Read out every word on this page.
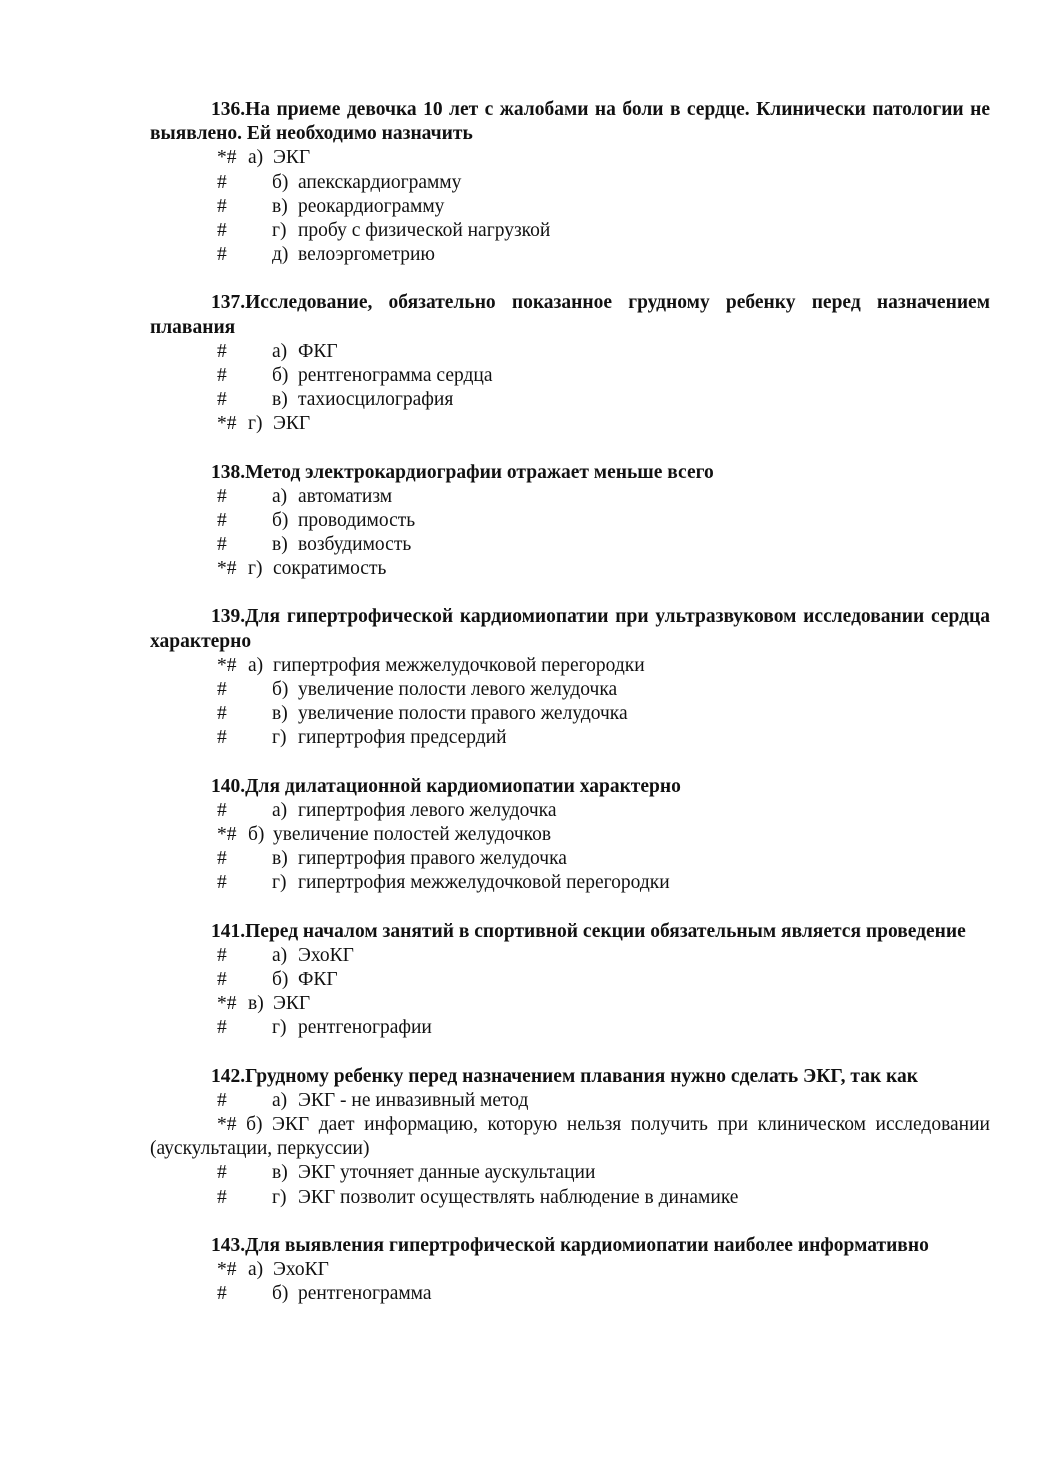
136.На приеме девочка 10 лет с жалобами на боли в сердце. Клинически патологии не выявлено. Ей необходимо назначить

*# а) ЭКГ
# б) апекскардиограмму
# в) реокардиограмму
# г) пробу с физической нагрузкой
# д) велоэргометрию

137.Исследование, обязательно показанное грудному ребенку перед назначением плавания

# а) ФКГ
# б) рентгенограмма сердца
# в) тахиосцилография
*# г) ЭКГ

138.Метод электрокардиографии отражает меньше всего

# а) автоматизм
# б) проводимость
# в) возбудимость
*# г) сократимость

139.Для гипертрофической кардиомиопатии при ультразвуковом исследовании сердца характерно

*# а) гипертрофия межжелудочковой перегородки
# б) увеличение полости левого желудочка
# в) увеличение полости правого желудочка
# г) гипертрофия предсердий

140.Для дилатационной кардиомиопатии характерно

# а) гипертрофия левого желудочка
*# б) увеличение полостей желудочков
# в) гипертрофия правого желудочка
# г) гипертрофия межжелудочковой перегородки

141.Перед началом занятий в спортивной секции обязательным является проведение

# а) ЭхоКГ
# б) ФКГ
*# в) ЭКГ
# г) рентгенографии

142.Грудному ребенку перед назначением плавания нужно сделать ЭКГ, так как

# а) ЭКГ - не инвазивный метод
*# б) ЭКГ дает информацию, которую нельзя получить при клиническом исследовании (аускультации, перкуссии)
# в) ЭКГ уточняет данные аускультации
# г) ЭКГ позволит осуществлять наблюдение в динамике

143.Для выявления гипертрофической кардиомиопатии наиболее информативно

*# а) ЭхоКГ
# б) рентгенограмма
